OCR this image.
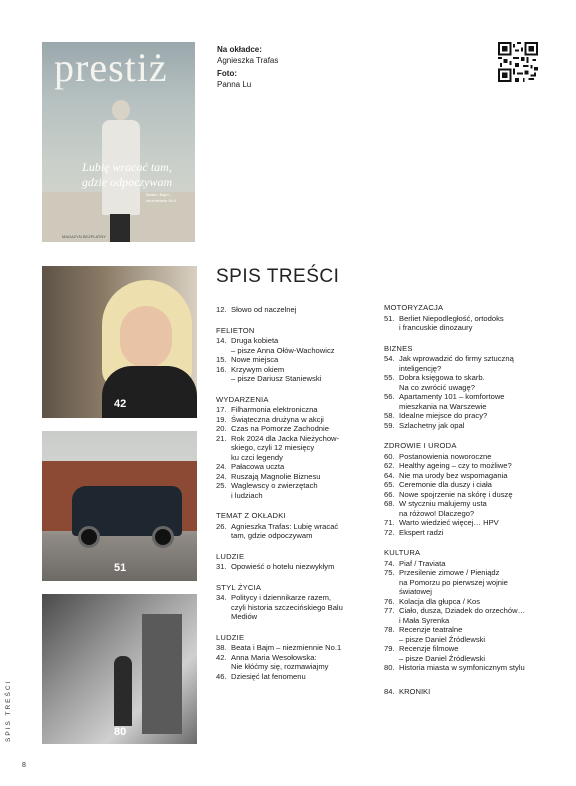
prestiż
Lubię wracać tam, gdzie odpoczywam
Beata i Bajm – niezmiennie No.1
MAGAZYN BEZPŁATNY
Na okładce:
Agnieszka Trafas
Foto:
Panna Lu
SPIS TREŚCI
42
51
80
SPIS TREŚCI
8
12. Słowo od naczelnej
FELIETON
14. Druga kobieta
– pisze Anna Ołów-Wachowicz
15. Nowe miejsca
16. Krzywym okiem
– pisze Dariusz Staniewski
WYDARZENIA
17. Filharmonia elektroniczna
19. Świąteczna drużyna w akcji
20. Czas na Pomorze Zachodnie
21. Rok 2024 dla Jacka Nieżychow-
skiego, czyli 12 miesięcy
ku czci legendy
24. Pałacowa uczta
24. Ruszają Magnolie Biznesu
25. Waglewscy o zwierzętach
i ludziach
TEMAT Z OKŁADKI
26. Agnieszka Trafas: Lubię wracać
tam, gdzie odpoczywam
LUDZIE
31. Opowieść o hotelu niezwykłym
STYL ŻYCIA
34. Politycy i dziennikarze razem,
czyli historia szczecińskiego Balu
Mediów
LUDZIE
38. Beata i Bajm – niezmiennie No.1
42. Anna Maria Wesołowska:
Nie kłóćmy się, rozmawiajmy
46. Dziesięć lat fenomenu
MOTORYZACJA
51. Berliet Niepodległość, ortodoks
i francuskie dinozaury
BIZNES
54. Jak wprowadzić do firmy sztuczną
inteligencję?
55. Dobra księgowa to skarb.
Na co zwrócić uwagę?
56. Apartamenty 101 – komfortowe
mieszkania na Warszewie
58. Idealne miejsce do pracy?
59. Szlachetny jak opal
ZDROWIE I URODA
60. Postanowienia noworoczne
62. Healthy ageing – czy to możliwe?
64. Nie ma urody bez wspomagania
65. Ceremonie dla duszy i ciała
66. Nowe spojrzenie na skórę i duszę
68. W styczniu malujemy usta
na różowo! Dlaczego?
71. Warto wiedzieć więcej… HPV
72. Ekspert radzi
KULTURA
74. Piaf / Traviata
75. Przesilenie zimowe / Pieniądz
na Pomorzu po pierwszej wojnie
światowej
76. Kolacja dla głupca / Kos
77. Ciało, dusza, Dziadek do orzechów…
i Mała Syrenka
78. Recenzje teatralne
– pisze Daniel Źródlewski
79. Recenzje filmowe
– pisze Daniel Źródlewski
80. Historia miasta w symfonicznym stylu
84. KRONIKI
